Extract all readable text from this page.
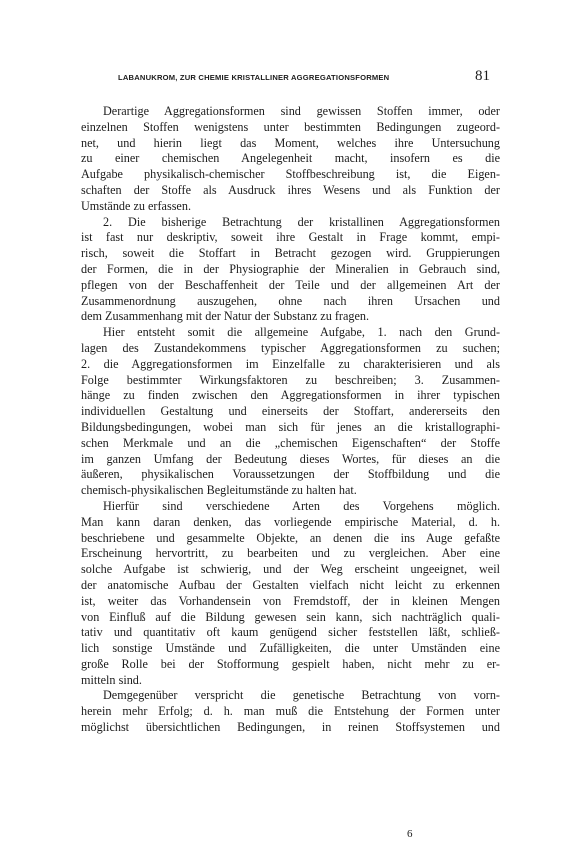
LABANUKROM, ZUR CHEMIE KRISTALLINER AGGREGATIONSFORMEN	81
Derartige Aggregationsformen sind gewissen Stoffen immer, oder
einzelnen Stoffen wenigstens unter bestimmten Bedingungen zugeord-
net, und hierin liegt das Moment, welches ihre Untersuchung
zu einer chemischen Angelegenheit macht, insofern es die
Aufgabe physikalisch-chemischer Stoffbeschreibung ist, die Eigen-
schaften der Stoffe als Ausdruck ihres Wesens und als Funktion der
Umstände zu erfassen.
2. Die bisherige Betrachtung der kristallinen Aggregationsformen
ist fast nur deskriptiv, soweit ihre Gestalt in Frage kommt, empi-
risch, soweit die Stoffart in Betracht gezogen wird. Gruppierungen
der Formen, die in der Physiographie der Mineralien in Gebrauch sind,
pflegen von der Beschaffenheit der Teile und der allgemeinen Art der
Zusammenordnung auszugehen, ohne nach ihren Ursachen und
dem Zusammenhang mit der Natur der Substanz zu fragen.
Hier entsteht somit die allgemeine Aufgabe, 1. nach den Grund-
lagen des Zustandekommens typischer Aggregationsformen zu suchen;
2. die Aggregationsformen im Einzelfalle zu charakterisieren und als
Folge bestimmter Wirkungsfaktoren zu beschreiben; 3. Zusammen-
hänge zu finden zwischen den Aggregationsformen in ihrer typischen
individuellen Gestaltung und einerseits der Stoffart, andererseits den
Bildungsbedingungen, wobei man sich für jenes an die kristallographi-
schen Merkmale und an die „chemischen Eigenschaften“ der Stoffe
im ganzen Umfang der Bedeutung dieses Wortes, für dieses an die
äußeren, physikalischen Voraussetzungen der Stoffbildung und die
chemisch-physikalischen Begleitumstände zu halten hat.
Hierfür sind verschiedene Arten des Vorgehens möglich.
Man kann daran denken, das vorliegende empirische Material, d. h.
beschriebene und gesammelte Objekte, an denen die ins Auge gefaßte
Erscheinung hervortritt, zu bearbeiten und zu vergleichen. Aber eine
solche Aufgabe ist schwierig, und der Weg erscheint ungeeignet, weil
der anatomische Aufbau der Gestalten vielfach nicht leicht zu erkennen
ist, weiter das Vorhandensein von Fremdstoff, der in kleinen Mengen
von Einfluß auf die Bildung gewesen sein kann, sich nachträglich quali-
tativ und quantitativ oft kaum genügend sicher feststellen läßt, schließ-
lich sonstige Umstände und Zufälligkeiten, die unter Umständen eine
große Rolle bei der Stofformung gespielt haben, nicht mehr zu er-
mitteln sind.
Demgegenüber verspricht die genetische Betrachtung von vorn-
herein mehr Erfolg; d. h. man muß die Entstehung der Formen unter
möglichst übersichtlichen Bedingungen, in reinen Stoffsystemen und
6
